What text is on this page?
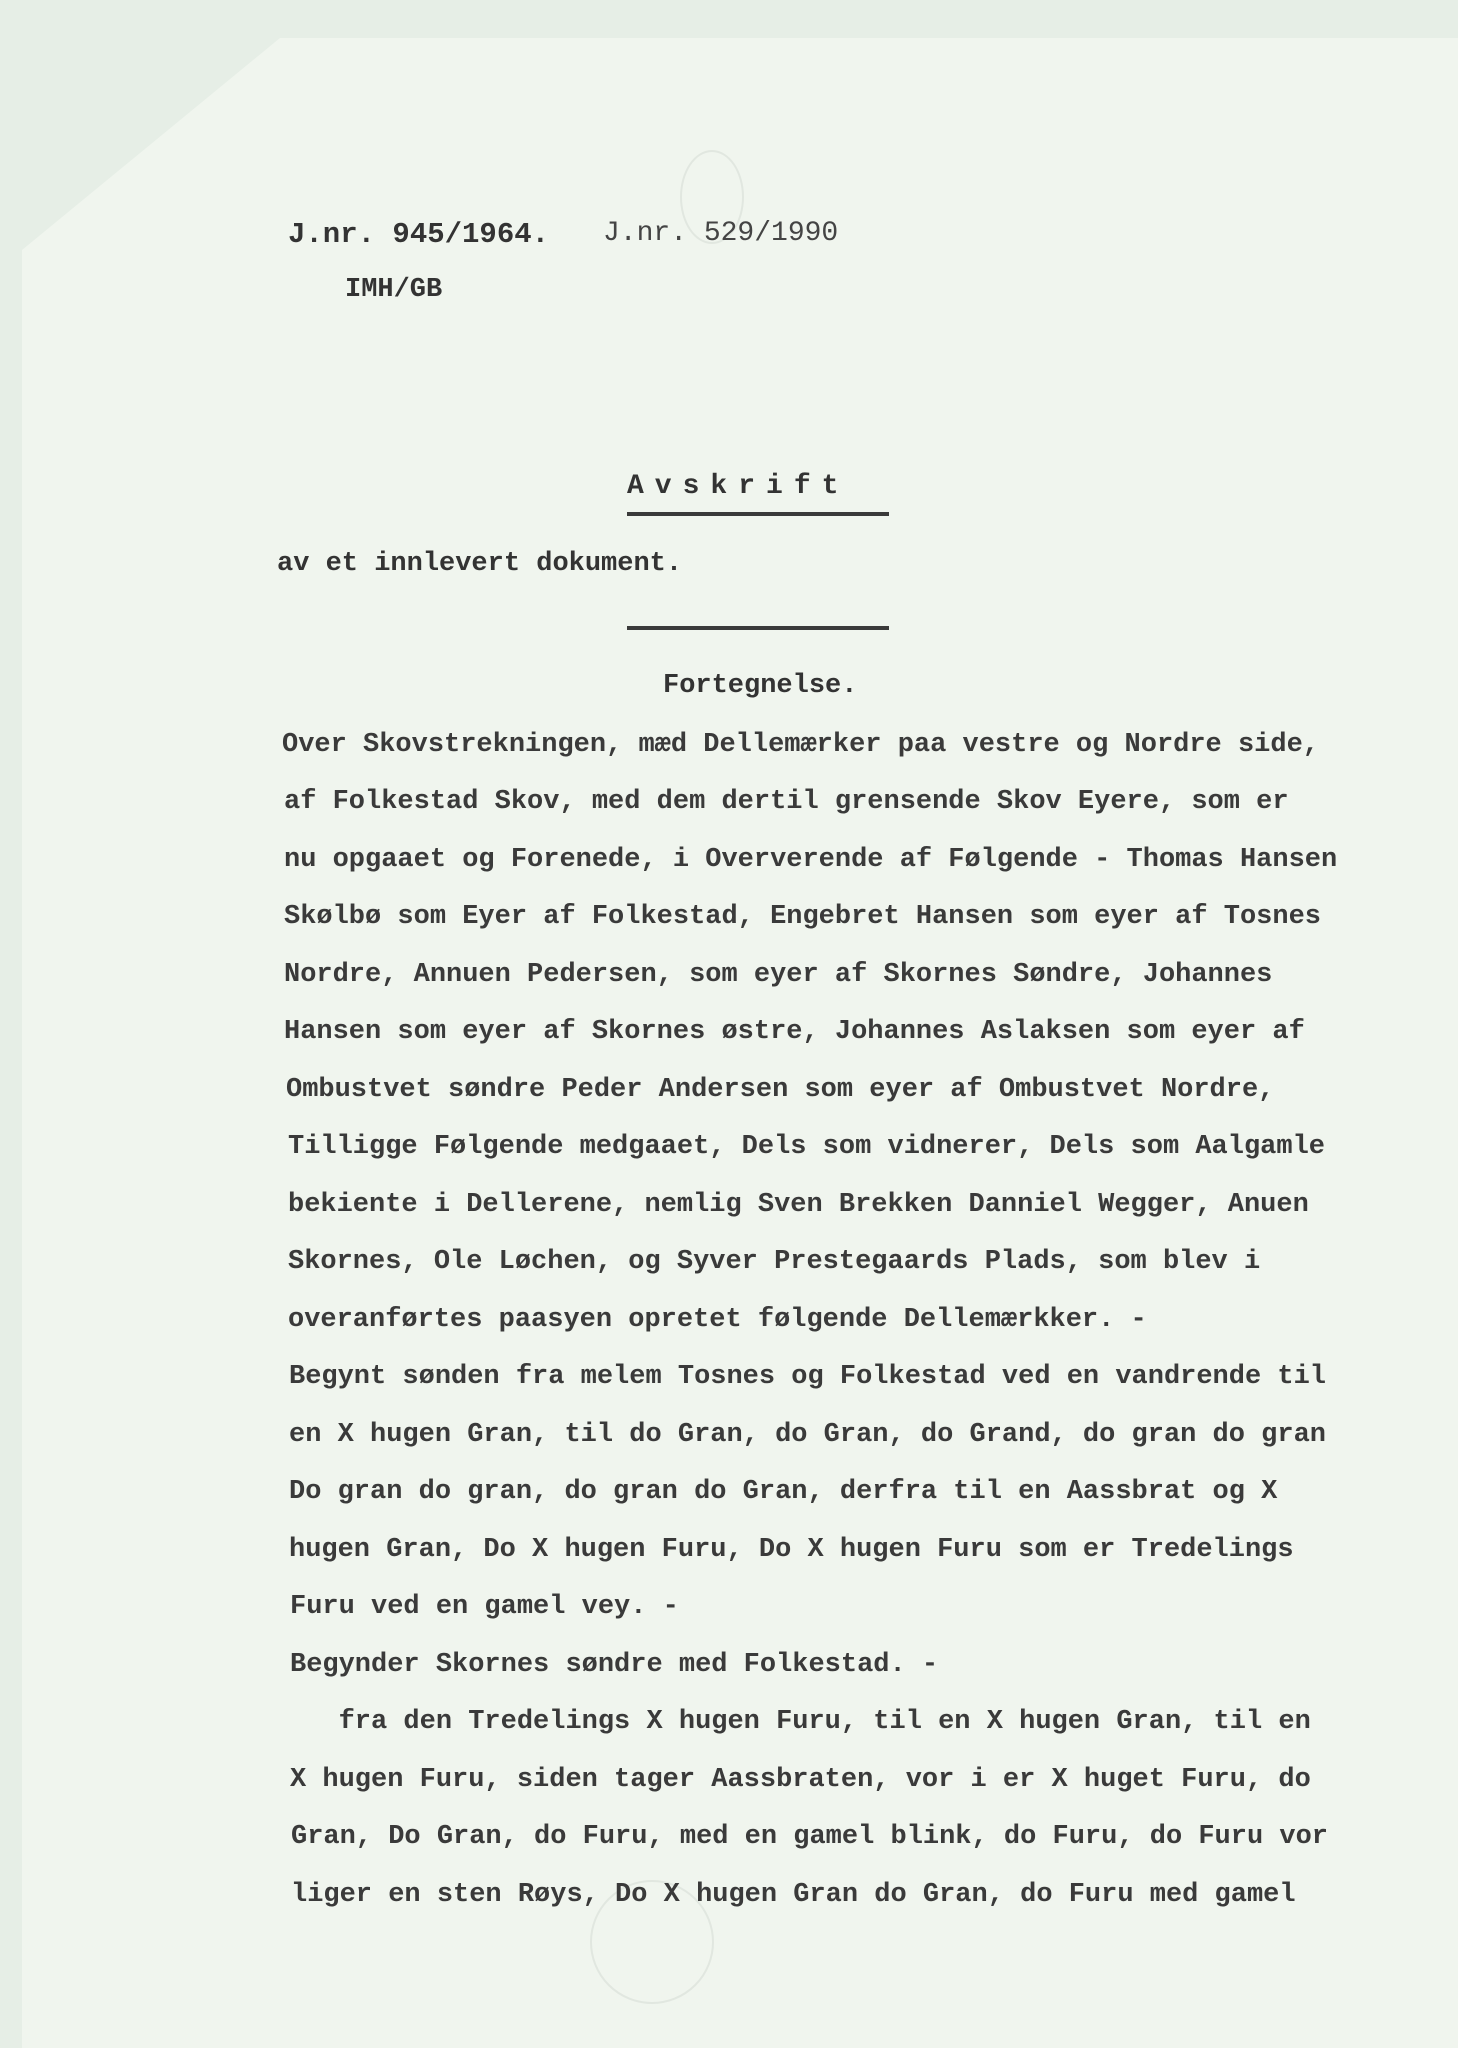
J.nr. 945/1964. J.nr. 529/1990
IMH/GB
Avskrift
av et innlevert dokument.
Fortegnelse.

Over Skovstrekningen, mæd Dellemærker paa vestre og Nordre side,

af Folkestad Skov, med dem dertil grensende Skov Eyere, som er

nu opgaaet og Forenede, i Oververende af Følgende - Thomas Hansen

Skølbø som Eyer af Folkestad, Engebret Hansen som eyer af Tosnes

Nordre, Annuen Pedersen, som eyer af Skornes Søndre, Johannes

Hansen som eyer af Skornes østre, Johannes Aslaksen som eyer af

Ombustvet søndre Peder Andersen som eyer af Ombustvet Nordre,

Tilligge Følgende medgaaet, Dels som vidnerer, Dels som Aalgamle

bekiente i Dellerene, nemlig Sven Brekken Danniel Wegger, Anuen

Skornes, Ole Løchen, og Syver Prestegaards Plads, som blev i

overanførtes paasyen opretet følgende Dellemærkker. -

Begynt sønden fra melem Tosnes og Folkestad ved en vandrende til

en X hugen Gran, til do Gran, do Gran, do Grand, do gran do gran

Do gran do gran, do gran do Gran, derfra til en Aassbrat og X

hugen Gran, Do X hugen Furu, Do X hugen Furu som er Tredelings

Furu ved en gamel vey. -

Begynder Skornes søndre med Folkestad. -

fra den Tredelings X hugen Furu, til en X hugen Gran, til en

X hugen Furu, siden tager Aassbraten, vor i er X huget Furu, do

Gran, Do Gran, do Furu, med en gamel blink, do Furu, do Furu vor

liger en sten Røys, Do X hugen Gran do Gran, do Furu med gamel
